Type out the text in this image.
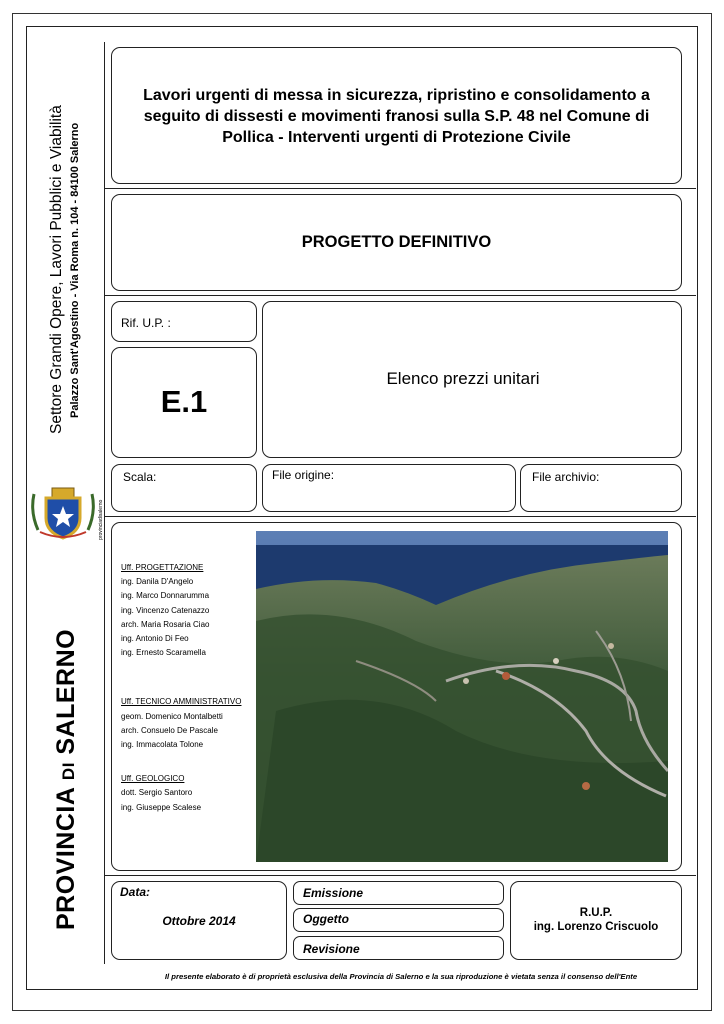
Settore Grandi Opere, Lavori Pubblici e Viabilità Palazzo Sant'Agostino - Via Roma n. 104 - 84100 Salerno
provinciadisalerno
PROVINCIA DI SALERNO
Lavori urgenti di messa in sicurezza, ripristino e consolidamento a
seguito di dissesti e movimenti franosi sulla S.P. 48 nel Comune di
Pollica - Interventi urgenti di Protezione Civile
PROGETTO DEFINITIVO
Rif. U.P. :
E.1
Elenco prezzi unitari
Scala:	File origine:	File archivio:
Uff. PROGETTAZIONE
ing. Danila D'Angelo
ing. Marco Donnarumma
ing. Vincenzo Catenazzo
arch. Maria Rosaria Ciao
ing. Antonio Di Feo
ing. Ernesto Scaramella
Uff. TECNICO AMMINISTRATIVO
geom. Domenico Montalbetti
arch. Consuelo De Pascale
ing. Immacolata Tolone
Uff. GEOLOGICO
dott. Sergio Santoro
ing. Giuseppe Scalese
Data:
Ottobre 2014
Emissione
Oggetto
Revisione
R.U.P.
ing. Lorenzo Criscuolo
Il presente elaborato è di proprietà esclusiva della Provincia di Salerno e la sua riproduzione è vietata senza il consenso dell'Ente
